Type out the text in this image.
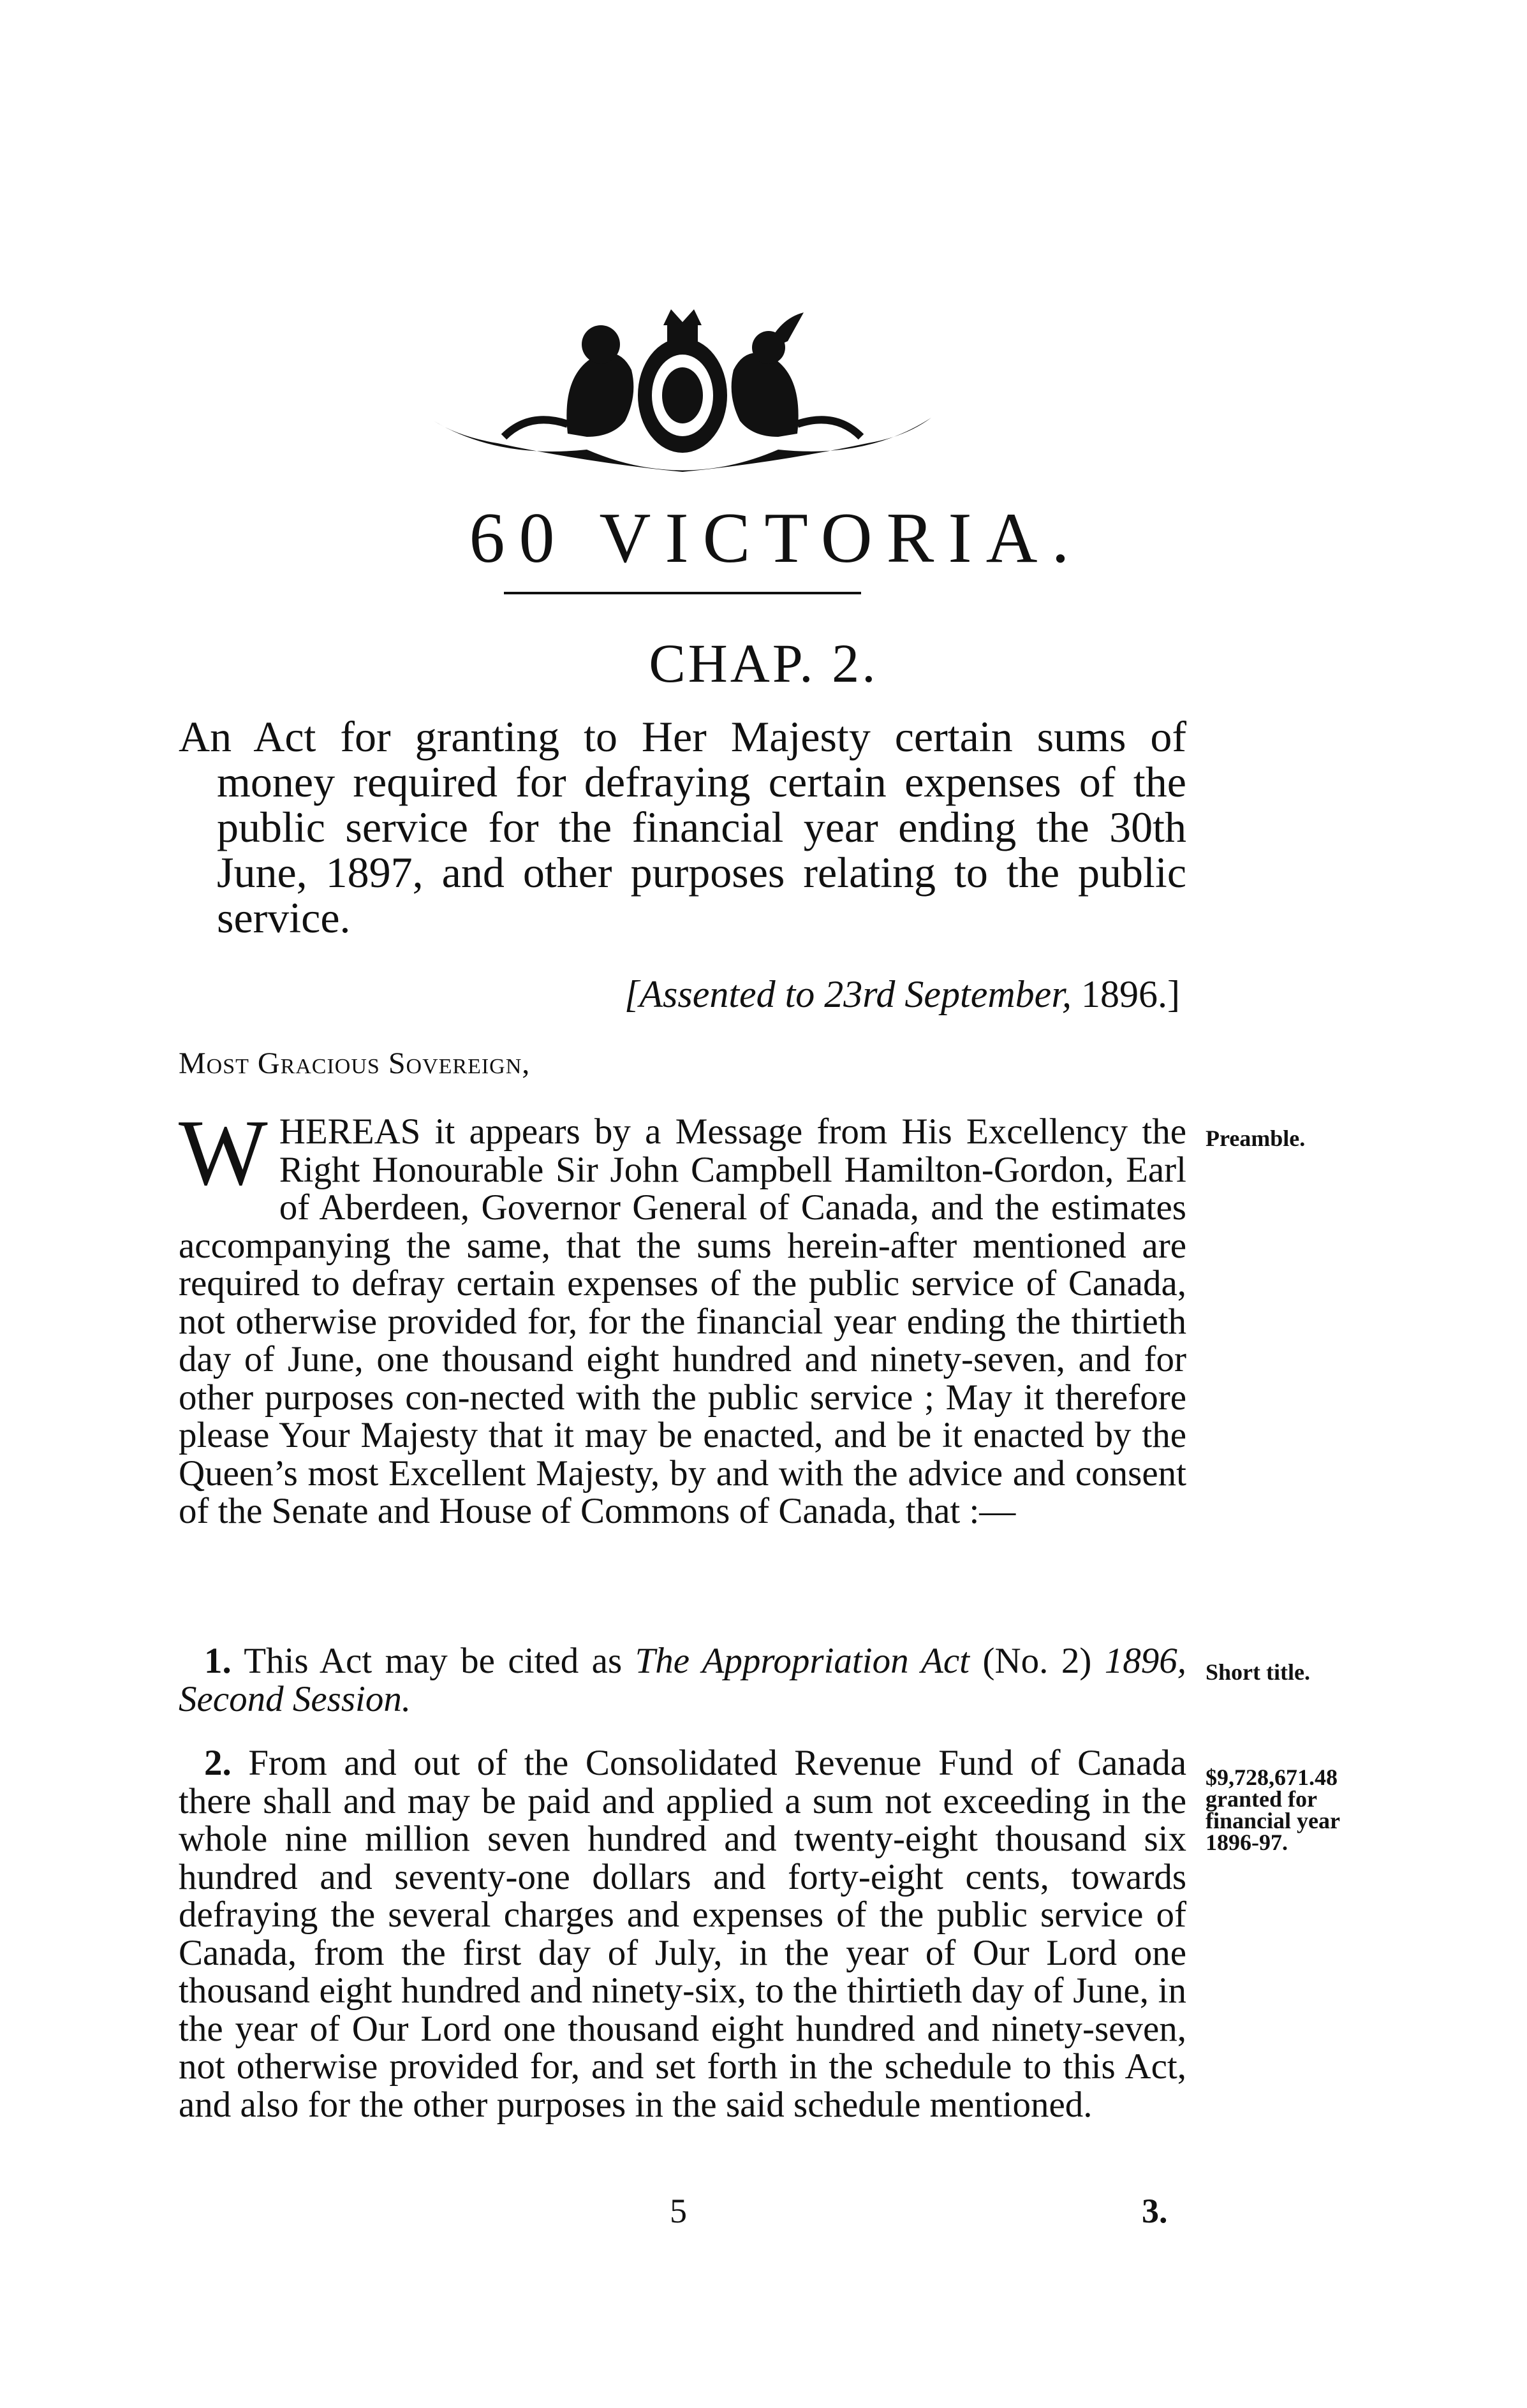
60 VICTORIA.
CHAP. 2.
An Act for granting to Her Majesty certain sums of money required for defraying certain expenses of the public service for the financial year ending the 30th June, 1897, and other purposes relating to the public service.
[Assented to 23rd September, 1896.]
Most Gracious Sovereign,
WHEREAS it appears by a Message from His Excellency the Right Honourable Sir John Campbell Hamilton-Gordon, Earl of Aberdeen, Governor General of Canada, and the estimates accompanying the same, that the sums herein-after mentioned are required to defray certain expenses of the public service of Canada, not otherwise provided for, for the financial year ending the thirtieth day of June, one thousand eight hundred and ninety-seven, and for other purposes con-nected with the public service ; May it therefore please Your Majesty that it may be enacted, and be it enacted by the Queen’s most Excellent Majesty, by and with the advice and consent of the Senate and House of Commons of Canada, that :—
Preamble.
1. This Act may be cited as The Appropriation Act (No. 2) 1896, Second Session.
Short title.
2. From and out of the Consolidated Revenue Fund of Canada there shall and may be paid and applied a sum not exceeding in the whole nine million seven hundred and twenty-eight thousand six hundred and seventy-one dollars and forty-eight cents, towards defraying the several charges and expenses of the public service of Canada, from the first day of July, in the year of Our Lord one thousand eight hundred and ninety-six, to the thirtieth day of June, in the year of Our Lord one thousand eight hundred and ninety-seven, not otherwise provided for, and set forth in the schedule to this Act, and also for the other purposes in the said schedule mentioned.
$9,728,671.48
granted for financial year 1896-97.
5	3.
